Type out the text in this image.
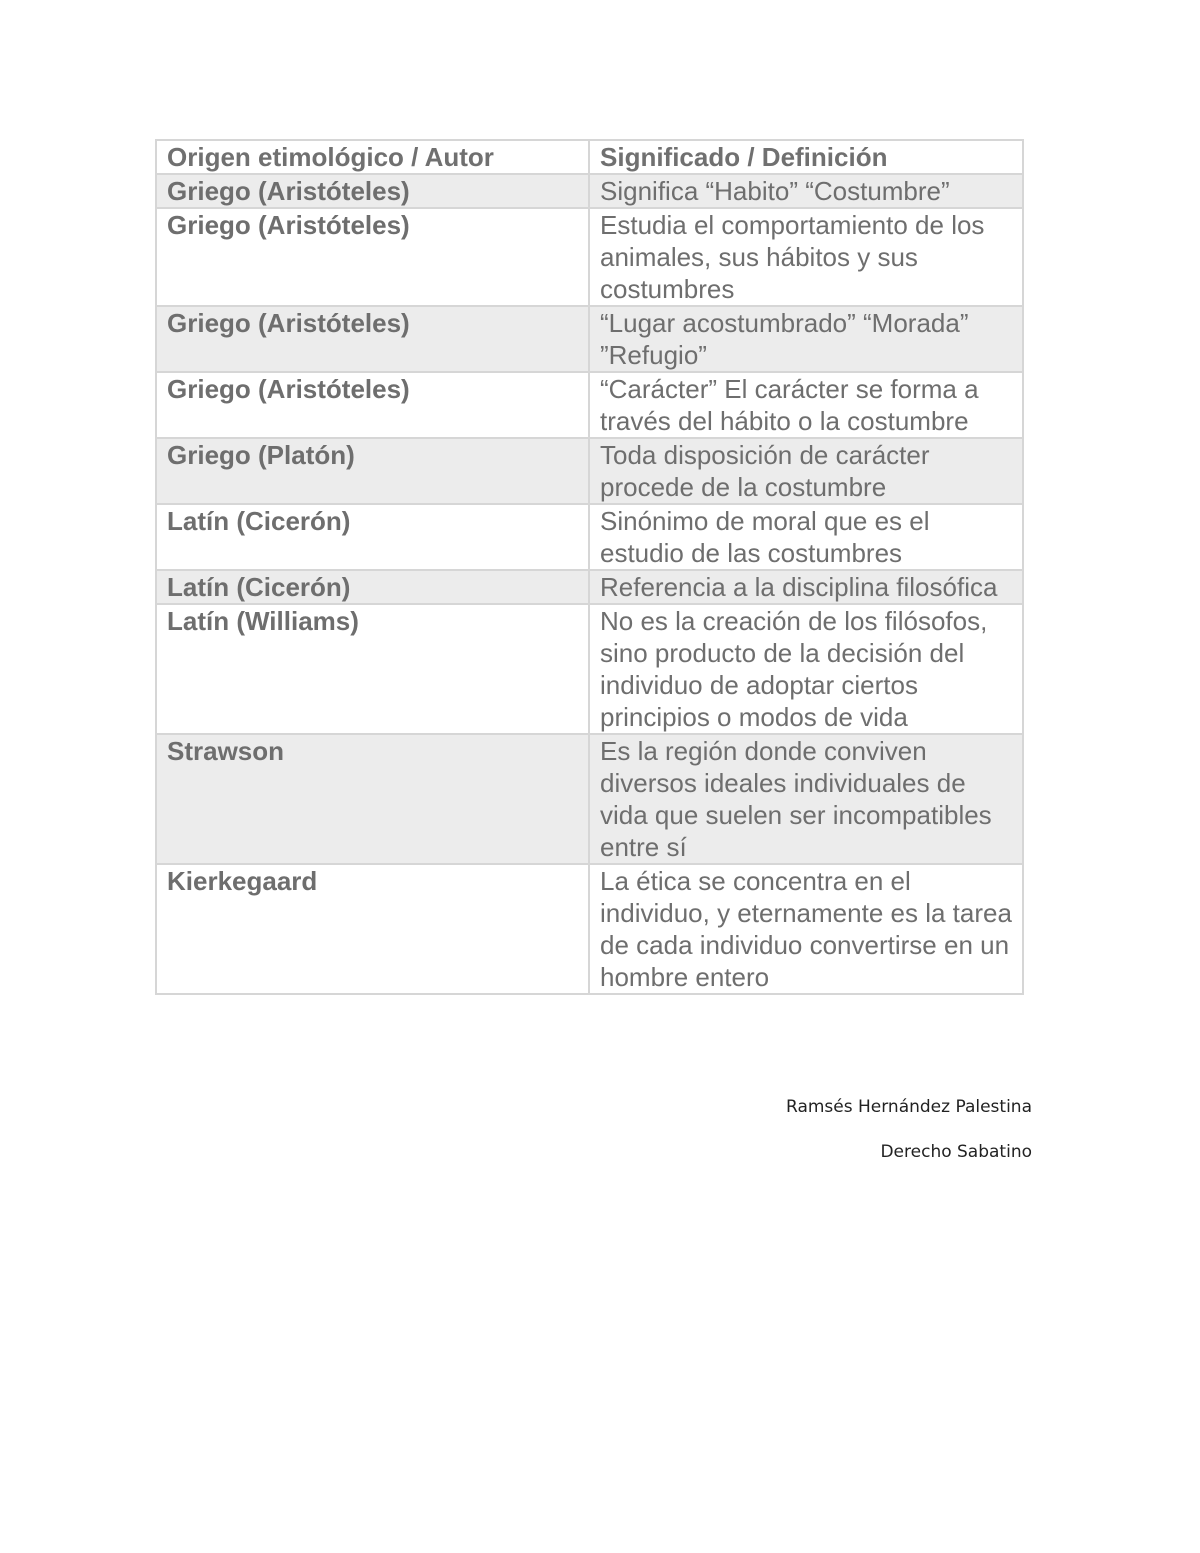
Origen etimológico / Autor	Significado / Definición
Griego (Aristóteles)	Significa “Habito” “Costumbre”
Griego (Aristóteles)	Estudia el comportamiento de los animales, sus hábitos y sus costumbres
Griego (Aristóteles)	“Lugar acostumbrado” “Morada” ”Refugio”
Griego (Aristóteles)	“Carácter” El carácter se forma a través del hábito o la costumbre
Griego (Platón)	Toda disposición de carácter procede de la costumbre
Latín (Cicerón)	Sinónimo de moral que es el estudio de las costumbres
Latín (Cicerón)	Referencia a la disciplina filosófica
Latín (Williams)	No es la creación de los filósofos, sino producto de la decisión del individuo de adoptar ciertos principios o modos de vida
Strawson	Es la región donde conviven diversos ideales individuales de vida que suelen ser incompatibles entre sí
Kierkegaard	La ética se concentra en el individuo, y eternamente es la tarea de cada individuo convertirse en un hombre entero
Ramsés Hernández Palestina
Derecho Sabatino
